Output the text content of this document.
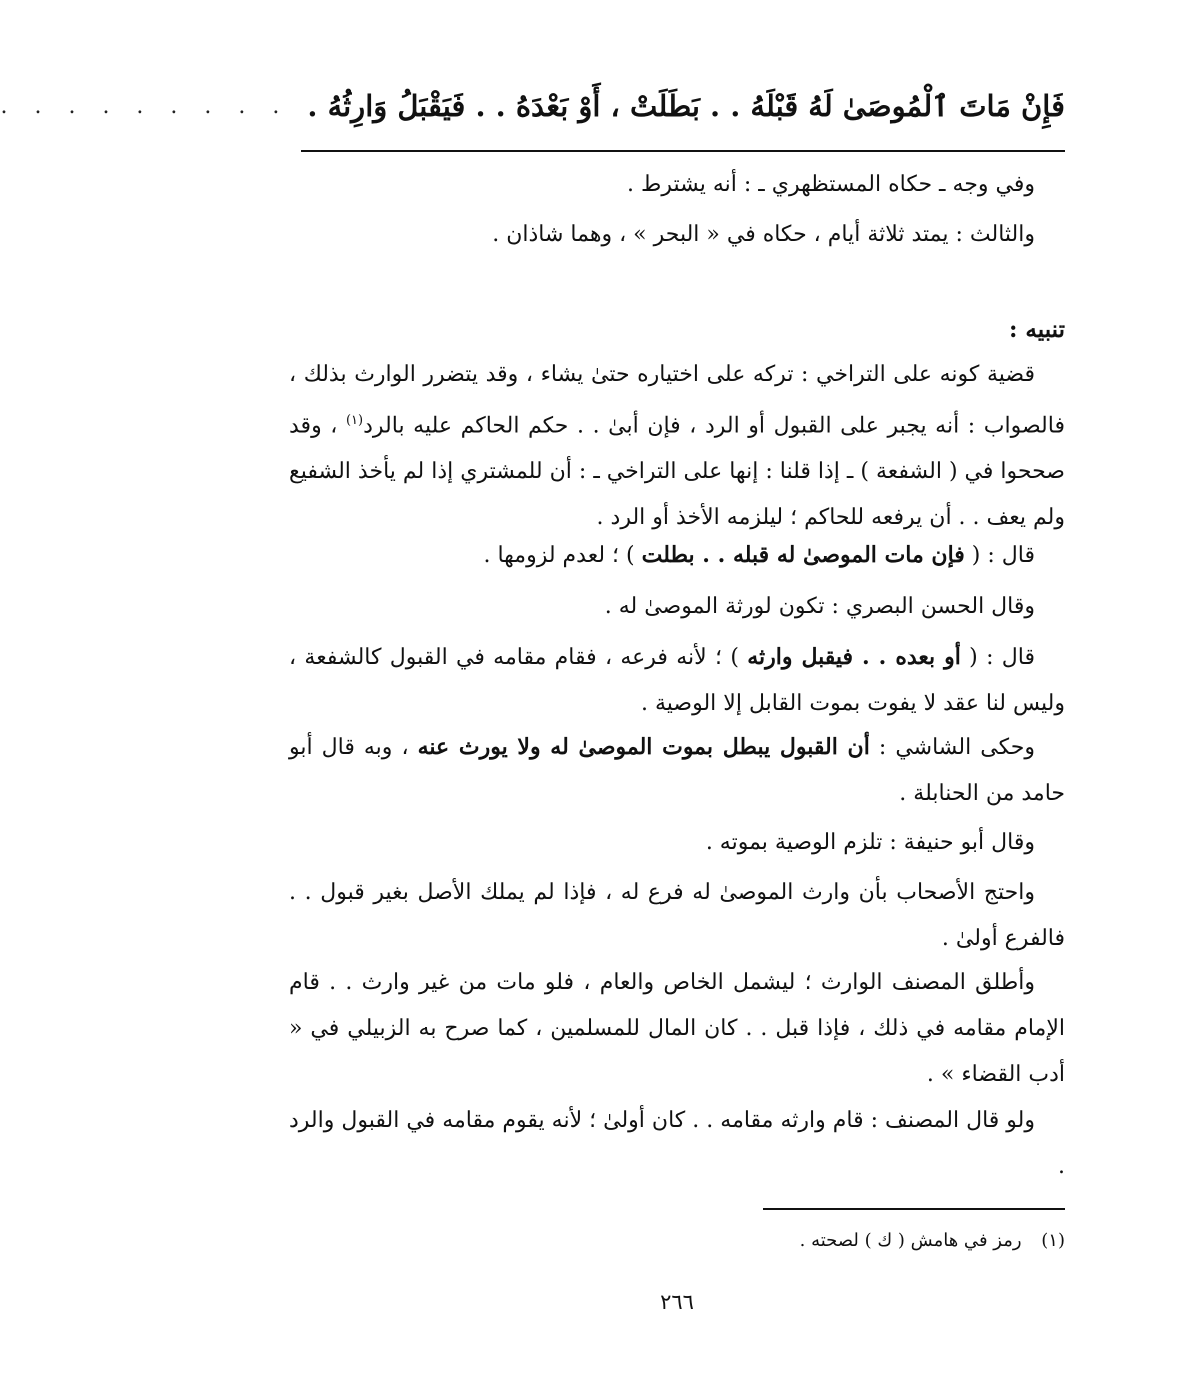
فَإِنْ مَاتَ ٱلْمُوصَىٰ لَهُ قَبْلَهُ . . بَطَلَتْ ، أَوْ بَعْدَهُ . . فَيَقْبَلُ وَارِثُهُ .
. . . . . . . . .

وفي وجه ـ حكاه المستظهري ـ : أنه يشترط .

والثالث : يمتد ثلاثة أيام ، حكاه في « البحر » ، وهما شاذان .

تنبيه :

قضية كونه على التراخي : تركه على اختياره حتىٰ يشاء ، وقد يتضرر الوارث بذلك ، فالصواب : أنه يجبر على القبول أو الرد ، فإن أبىٰ . . حكم الحاكم عليه بالرد$^{(١)}$ ، وقد صححوا في ( الشفعة ) ـ إذا قلنا : إنها على التراخي ـ : أن للمشتري إذا لم يأخذ الشفيع ولم يعف . . أن يرفعه للحاكم ؛ ليلزمه الأخذ أو الرد .

قال : ( فإن مات الموصىٰ له قبله . . بطلت ) ؛ لعدم لزومها .

وقال الحسن البصري : تكون لورثة الموصىٰ له .

قال : ( أو بعده . . فيقبل وارثه ) ؛ لأنه فرعه ، فقام مقامه في القبول كالشفعة ، وليس لنا عقد لا يفوت بموت القابل إلا الوصية .

وحكى الشاشي : أن القبول يبطل بموت الموصىٰ له ولا يورث عنه ، وبه قال أبو حامد من الحنابلة .

وقال أبو حنيفة : تلزم الوصية بموته .

واحتج الأصحاب بأن وارث الموصىٰ له فرع له ، فإذا لم يملك الأصل بغير قبول . . فالفرع أولىٰ .

وأطلق المصنف الوارث ؛ ليشمل الخاص والعام ، فلو مات من غير وارث . . قام الإمام مقامه في ذلك ، فإذا قبل . . كان المال للمسلمين ، كما صرح به الزبيلي في « أدب القضاء » .

ولو قال المصنف : قام وارثه مقامه . . كان أولىٰ ؛ لأنه يقوم مقامه في القبول والرد .

(١) رمز في هامش ( ك ) لصحته .
٢٦٦
